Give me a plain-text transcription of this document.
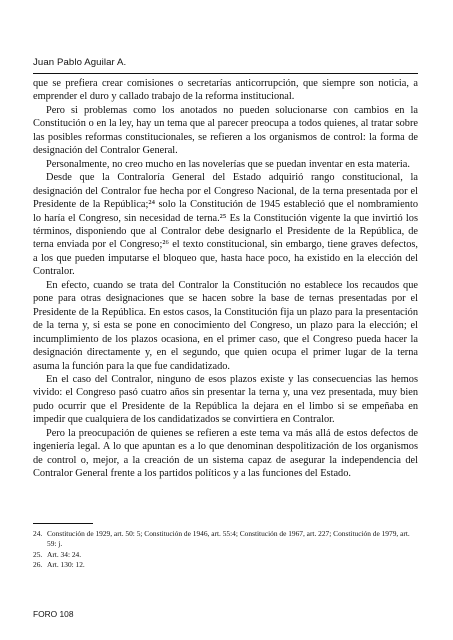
Juan Pablo Aguilar A.

que se prefiera crear comisiones o secretarías anticorrupción, que siempre son noticia, a emprender el duro y callado trabajo de la reforma institucional.

Pero si problemas como los anotados no pueden solucionarse con cambios en la Constitución o en la ley, hay un tema que al parecer preocupa a todos quienes, al tratar sobre las posibles reformas constitucionales, se refieren a los organismos de control: la forma de designación del Contralor General.

Personalmente, no creo mucho en las novelerías que se puedan inventar en esta materia.

Desde que la Contraloría General del Estado adquirió rango constitucional, la designación del Contralor fue hecha por el Congreso Nacional, de la terna presentada por el Presidente de la República;²⁴ solo la Constitución de 1945 estableció que el nombramiento lo haría el Congreso, sin necesidad de terna.²⁵ Es la Constitución vigente la que invirtió los términos, disponiendo que al Contralor debe designarlo el Presidente de la República, de terna enviada por el Congreso;²⁶ el texto constitucional, sin embargo, tiene graves defectos, a los que pueden imputarse el bloqueo que, hasta hace poco, ha existido en la elección del Contralor.

En efecto, cuando se trata del Contralor la Constitución no establece los recaudos que pone para otras designaciones que se hacen sobre la base de ternas presentadas por el Presidente de la República. En estos casos, la Constitución fija un plazo para la presentación de la terna y, si esta se pone en conocimiento del Congreso, un plazo para la elección; el incumplimiento de los plazos ocasiona, en el primer caso, que el Congreso pueda hacer la designación directamente y, en el segundo, que quien ocupa el primer lugar de la terna asuma la función para la que fue candidatizado.

En el caso del Contralor, ninguno de esos plazos existe y las consecuencias las hemos vivido: el Congreso pasó cuatro años sin presentar la terna y, una vez presentada, muy bien pudo ocurrir que el Presidente de la República la dejara en el limbo si se empeñaba en impedir que cualquiera de los candidatizados se convirtiera en Contralor.

Pero la preocupación de quienes se refieren a este tema va más allá de estos defectos de ingeniería legal. A lo que apuntan es a lo que denominan despolitización de los organismos de control o, mejor, a la creación de un sistema capaz de asegurar la independencia del Contralor General frente a los partidos políticos y a las funciones del Estado.

24. Constitución de 1929, art. 50: 5; Constitución de 1946, art. 55:4; Constitución de 1967, art. 227; Constitución de 1979, art. 59: j.
25. Art. 34: 24.
26. Art. 130: 12.
FORO 108
